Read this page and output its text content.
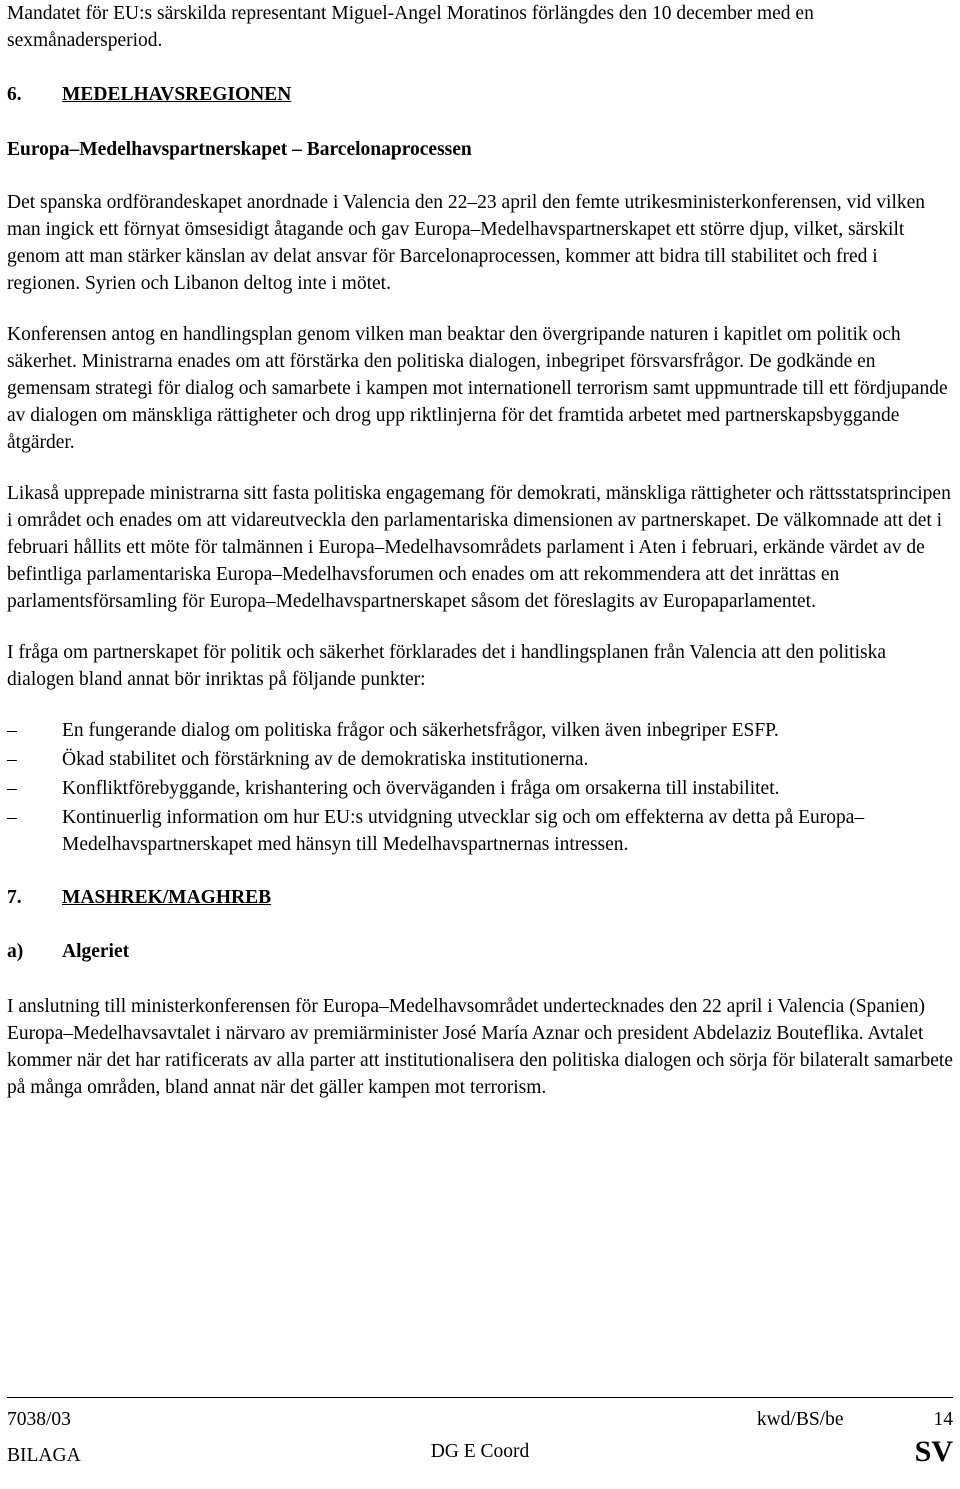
Mandatet för EU:s särskilda representant Miguel-Angel Moratinos förlängdes den 10 december med en sexmånadersperiod.

6.	MEDELHAVSREGIONEN

Europa–Medelhavspartnerskapet – Barcelonaprocessen

Det spanska ordförandeskapet anordnade i Valencia den 22–23 april den femte utrikesministerkonferensen, vid vilken man ingick ett förnyat ömsesidigt åtagande och gav Europa–Medelhavspartnerskapet ett större djup, vilket, särskilt genom att man stärker känslan av delat ansvar för Barcelonaprocessen, kommer att bidra till stabilitet och fred i regionen. Syrien och Libanon deltog inte i mötet.

Konferensen antog en handlingsplan genom vilken man beaktar den övergripande naturen i kapitlet om politik och säkerhet. Ministrarna enades om att förstärka den politiska dialogen, inbegripet försvarsfrågor. De godkände en gemensam strategi för dialog och samarbete i kampen mot internationell terrorism samt uppmuntrade till ett fördjupande av dialogen om mänskliga rättigheter och drog upp riktlinjerna för det framtida arbetet med partnerskapsbyggande åtgärder.

Likaså upprepade ministrarna sitt fasta politiska engagemang för demokrati, mänskliga rättigheter och rättsstatsprincipen i området och enades om att vidareutveckla den parlamentariska dimensionen av partnerskapet. De välkomnade att det i februari hållits ett möte för talmännen i Europa–Medelhavsområdets parlament i Aten i februari, erkände värdet av de befintliga parlamentariska Europa–Medelhavsforumen och enades om att rekommendera att det inrättas en parlamentsförsamling för Europa–Medelhavspartnerskapet såsom det föreslagits av Europaparlamentet.

I fråga om partnerskapet för politik och säkerhet förklarades det i handlingsplanen från Valencia att den politiska dialogen bland annat bör inriktas på följande punkter:

–	En fungerande dialog om politiska frågor och säkerhetsfrågor, vilken även inbegriper ESFP.
–	Ökad stabilitet och förstärkning av de demokratiska institutionerna.
–	Konfliktförebyggande, krishantering och överväganden i fråga om orsakerna till instabilitet.
–	Kontinuerlig information om hur EU:s utvidgning utvecklar sig och om effekterna av detta på Europa–Medelhavspartnerskapet med hänsyn till Medelhavspartnernas intressen.
7.	MASHREK/MAGHREB
a)	Algeriet

I anslutning till ministerkonferensen för Europa–Medelhavsområdet undertecknades den 22 april i Valencia (Spanien) Europa–Medelhavsavtalet i närvaro av premiärminister José María Aznar och president Abdelaziz Bouteflika. Avtalet kommer när det har ratificerats av alla parter att institutionalisera den politiska dialogen och sörja för bilateralt samarbete på många områden, bland annat när det gäller kampen mot terrorism.

7038/03	kwd/BS/be	14
BILAGA	DG E Coord	SV
